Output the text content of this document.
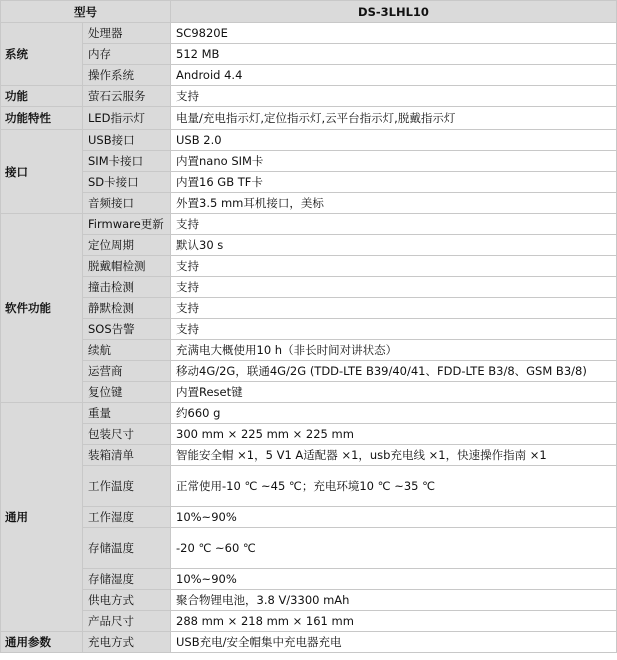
型号		DS-3LHL10
系统	处理器	SC9820E
	内存	512 MB
	操作系统	Android 4.4
功能	萤石云服务	支持
功能特性	LED指示灯	电量/充电指示灯,定位指示灯,云平台指示灯,脱戴指示灯
接口	USB接口	USB 2.0
	SIM卡接口	内置nano SIM卡
	SD卡接口	内置16 GB TF卡
	音频接口	外置3.5 mm耳机接口，美标
软件功能	Firmware更新	支持
	定位周期	默认30 s
	脱戴帽检测	支持
	撞击检测	支持
	静默检测	支持
	SOS告警	支持
	续航	充满电大概使用10 h（非长时间对讲状态）
	运营商	移动4G/2G，联通4G/2G (TDD-LTE B39/40/41、FDD-LTE B3/8、GSM B3/8)
	复位键	内置Reset键
通用	重量	约660 g
	包装尺寸	300 mm × 225 mm × 225 mm
	装箱清单	智能安全帽 ×1，5 V1 A适配器 ×1，usb充电线 ×1，快速操作指南 ×1
	工作温度	正常使用-10 ℃ ~45 ℃；充电环境10 ℃ ~35 ℃
	工作湿度	10%~90%
	存储温度	-20 ℃ ~60 ℃
	存储湿度	10%~90%
	供电方式	聚合物锂电池，3.8 V/3300 mAh
	产品尺寸	288 mm × 218 mm × 161 mm
通用参数	充电方式	USB充电/安全帽集中充电器充电
